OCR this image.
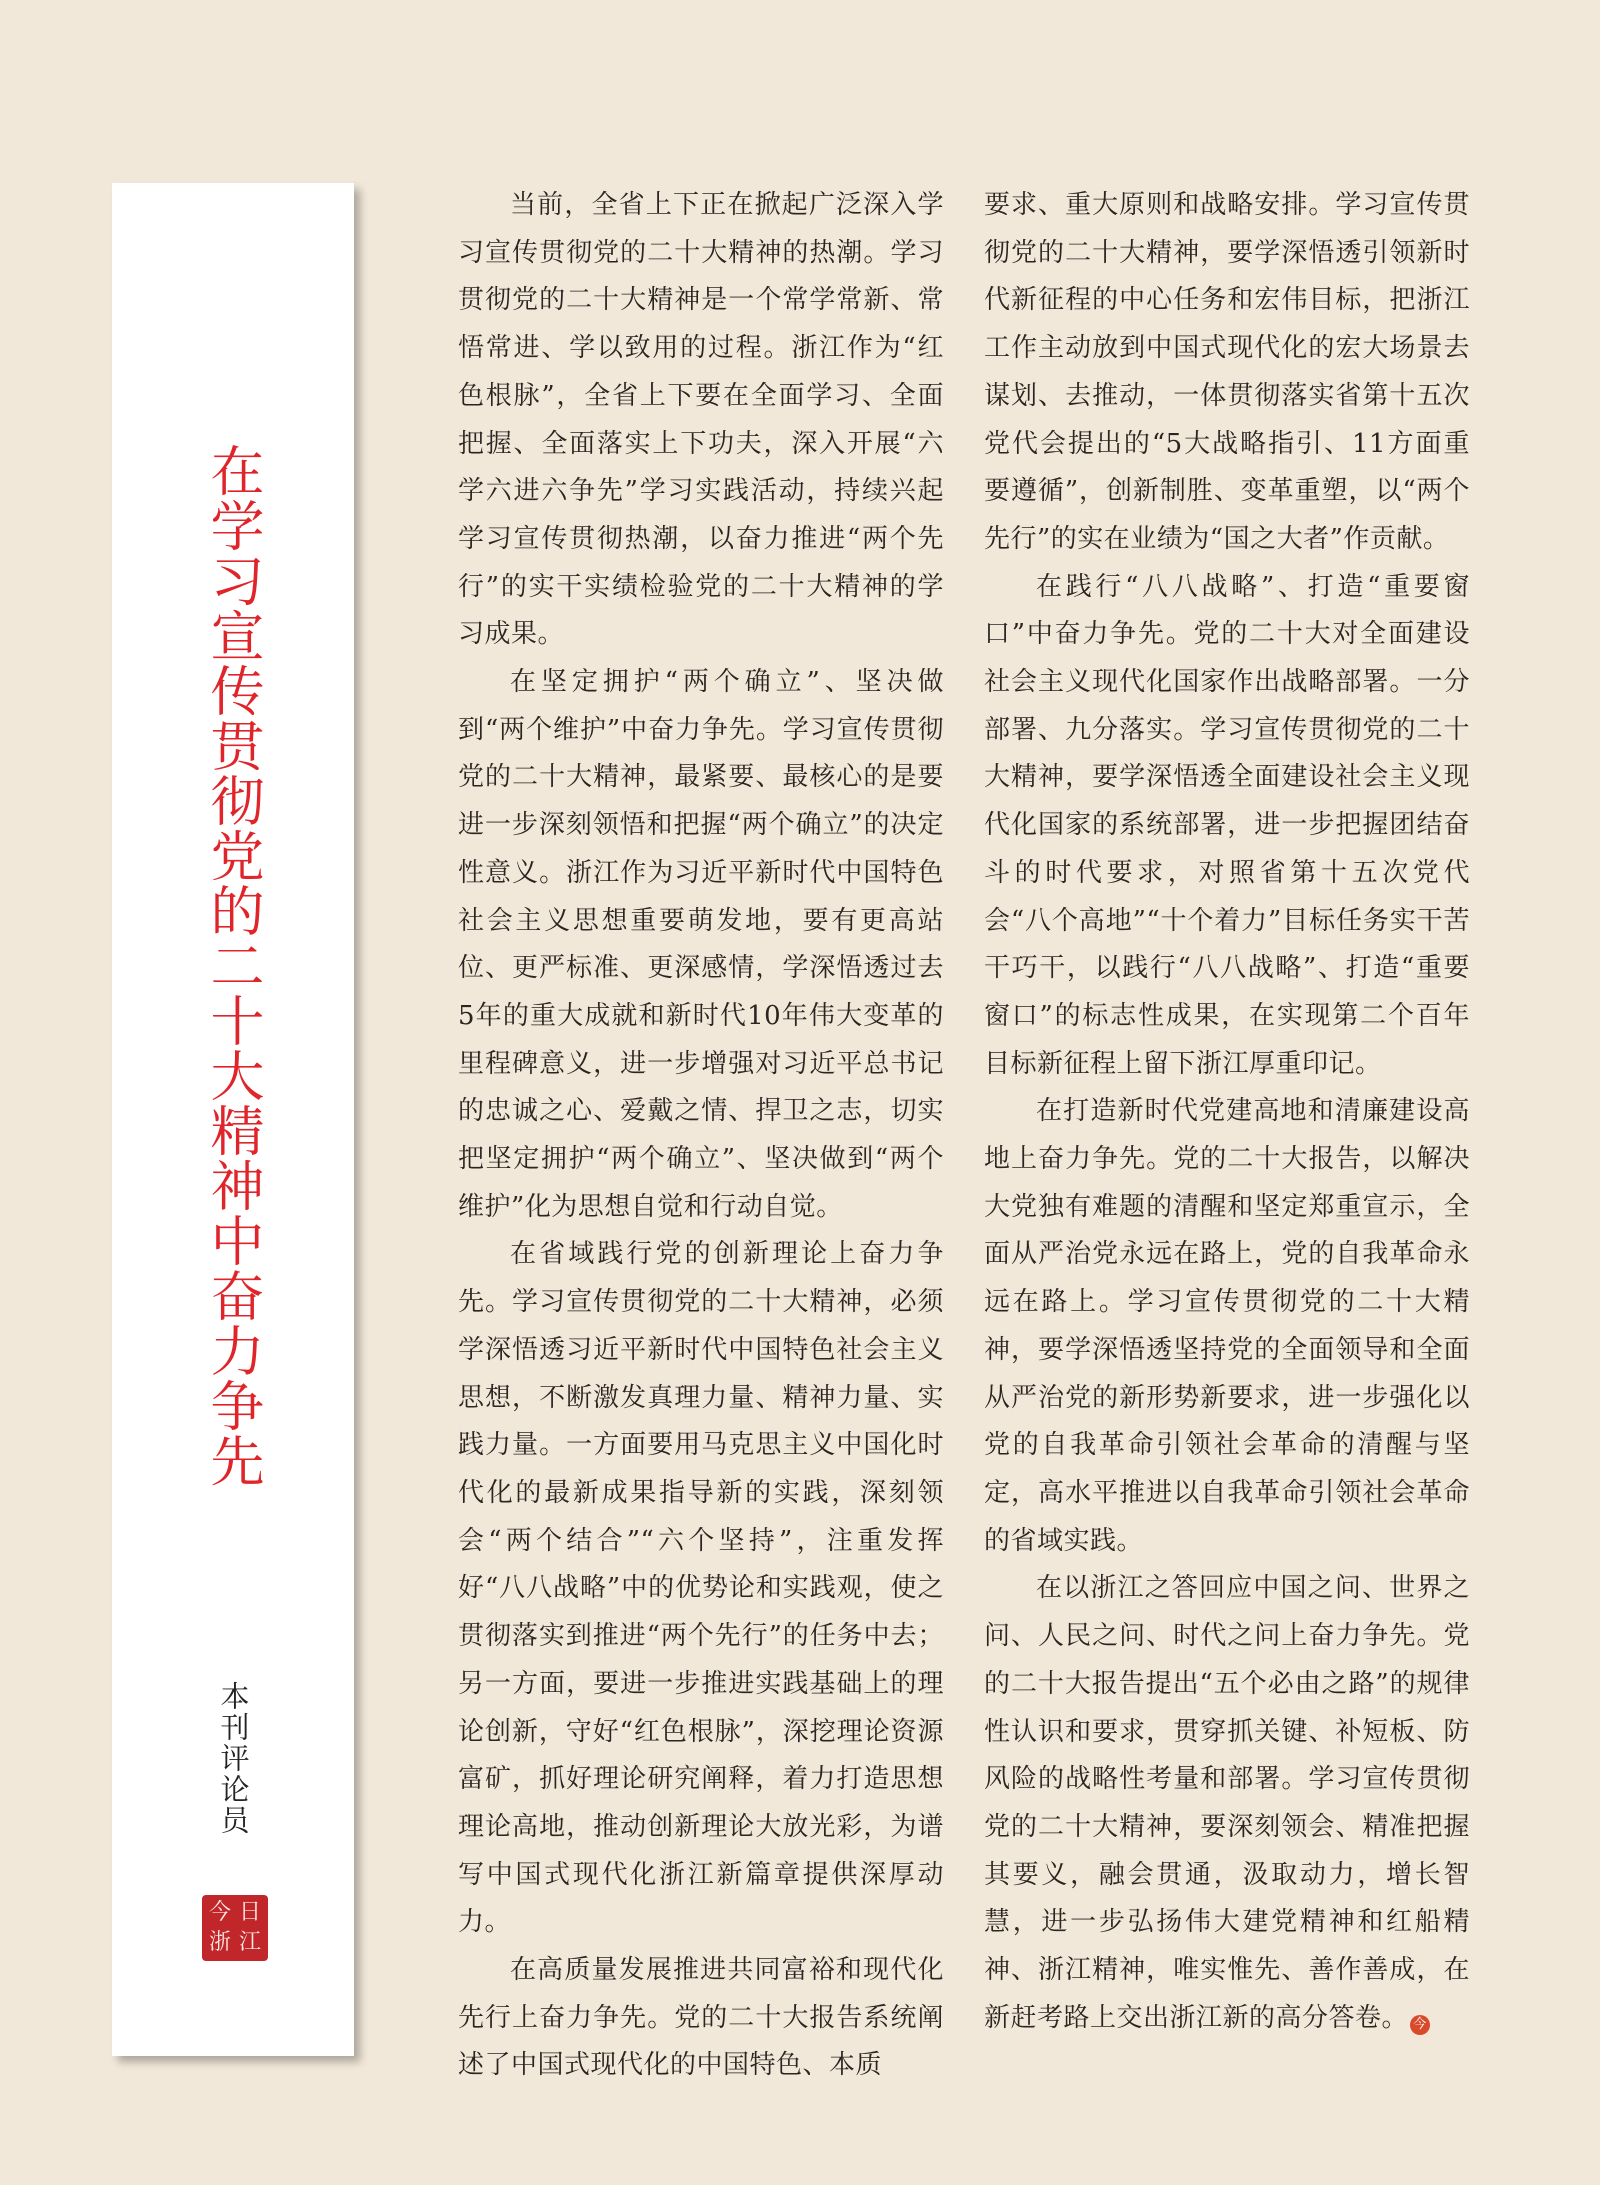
在学习宣传贯彻党的二十大精神中奋力争先
本刊评论员
今 日
浙 江

当前，全省上下正在掀起广泛深入学习宣传贯彻党的二十大精神的热潮。学习贯彻党的二十大精神是一个常学常新、常悟常进、学以致用的过程。浙江作为“红色根脉”，全省上下要在全面学习、全面把握、全面落实上下功夫，深入开展“六学六进六争先”学习实践活动，持续兴起学习宣传贯彻热潮，以奋力推进“两个先行”的实干实绩检验党的二十大精神的学习成果。

在坚定拥护“两个确立”、坚决做到“两个维护”中奋力争先。学习宣传贯彻党的二十大精神，最紧要、最核心的是要进一步深刻领悟和把握“两个确立”的决定性意义。浙江作为习近平新时代中国特色社会主义思想重要萌发地，要有更高站位、更严标准、更深感情，学深悟透过去5年的重大成就和新时代10年伟大变革的里程碑意义，进一步增强对习近平总书记的忠诚之心、爱戴之情、捍卫之志，切实把坚定拥护“两个确立”、坚决做到“两个维护”化为思想自觉和行动自觉。

在省域践行党的创新理论上奋力争先。学习宣传贯彻党的二十大精神，必须学深悟透习近平新时代中国特色社会主义思想，不断激发真理力量、精神力量、实践力量。一方面要用马克思主义中国化时代化的最新成果指导新的实践，深刻领会“两个结合”“六个坚持”，注重发挥好“八八战略”中的优势论和实践观，使之贯彻落实到推进“两个先行”的任务中去；另一方面，要进一步推进实践基础上的理论创新，守好“红色根脉”，深挖理论资源富矿，抓好理论研究阐释，着力打造思想理论高地，推动创新理论大放光彩，为谱写中国式现代化浙江新篇章提供深厚动力。

在高质量发展推进共同富裕和现代化先行上奋力争先。党的二十大报告系统阐述了中国式现代化的中国特色、本质

要求、重大原则和战略安排。学习宣传贯彻党的二十大精神，要学深悟透引领新时代新征程的中心任务和宏伟目标，把浙江工作主动放到中国式现代化的宏大场景去谋划、去推动，一体贯彻落实省第十五次党代会提出的“5大战略指引、11方面重要遵循”，创新制胜、变革重塑，以“两个先行”的实在业绩为“国之大者”作贡献。

在践行“八八战略”、打造“重要窗口”中奋力争先。党的二十大对全面建设社会主义现代化国家作出战略部署。一分部署、九分落实。学习宣传贯彻党的二十大精神，要学深悟透全面建设社会主义现代化国家的系统部署，进一步把握团结奋斗的时代要求，对照省第十五次党代会“八个高地”“十个着力”目标任务实干苦干巧干，以践行“八八战略”、打造“重要窗口”的标志性成果，在实现第二个百年目标新征程上留下浙江厚重印记。

在打造新时代党建高地和清廉建设高地上奋力争先。党的二十大报告，以解决大党独有难题的清醒和坚定郑重宣示，全面从严治党永远在路上，党的自我革命永远在路上。学习宣传贯彻党的二十大精神，要学深悟透坚持党的全面领导和全面从严治党的新形势新要求，进一步强化以党的自我革命引领社会革命的清醒与坚定，高水平推进以自我革命引领社会革命的省域实践。

在以浙江之答回应中国之问、世界之问、人民之问、时代之问上奋力争先。党的二十大报告提出“五个必由之路”的规律性认识和要求，贯穿抓关键、补短板、防风险的战略性考量和部署。学习宣传贯彻党的二十大精神，要深刻领会、精准把握其要义，融会贯通，汲取动力，增长智慧，进一步弘扬伟大建党精神和红船精神、浙江精神，唯实惟先、善作善成，在新赶考路上交出浙江新的高分答卷。 今
